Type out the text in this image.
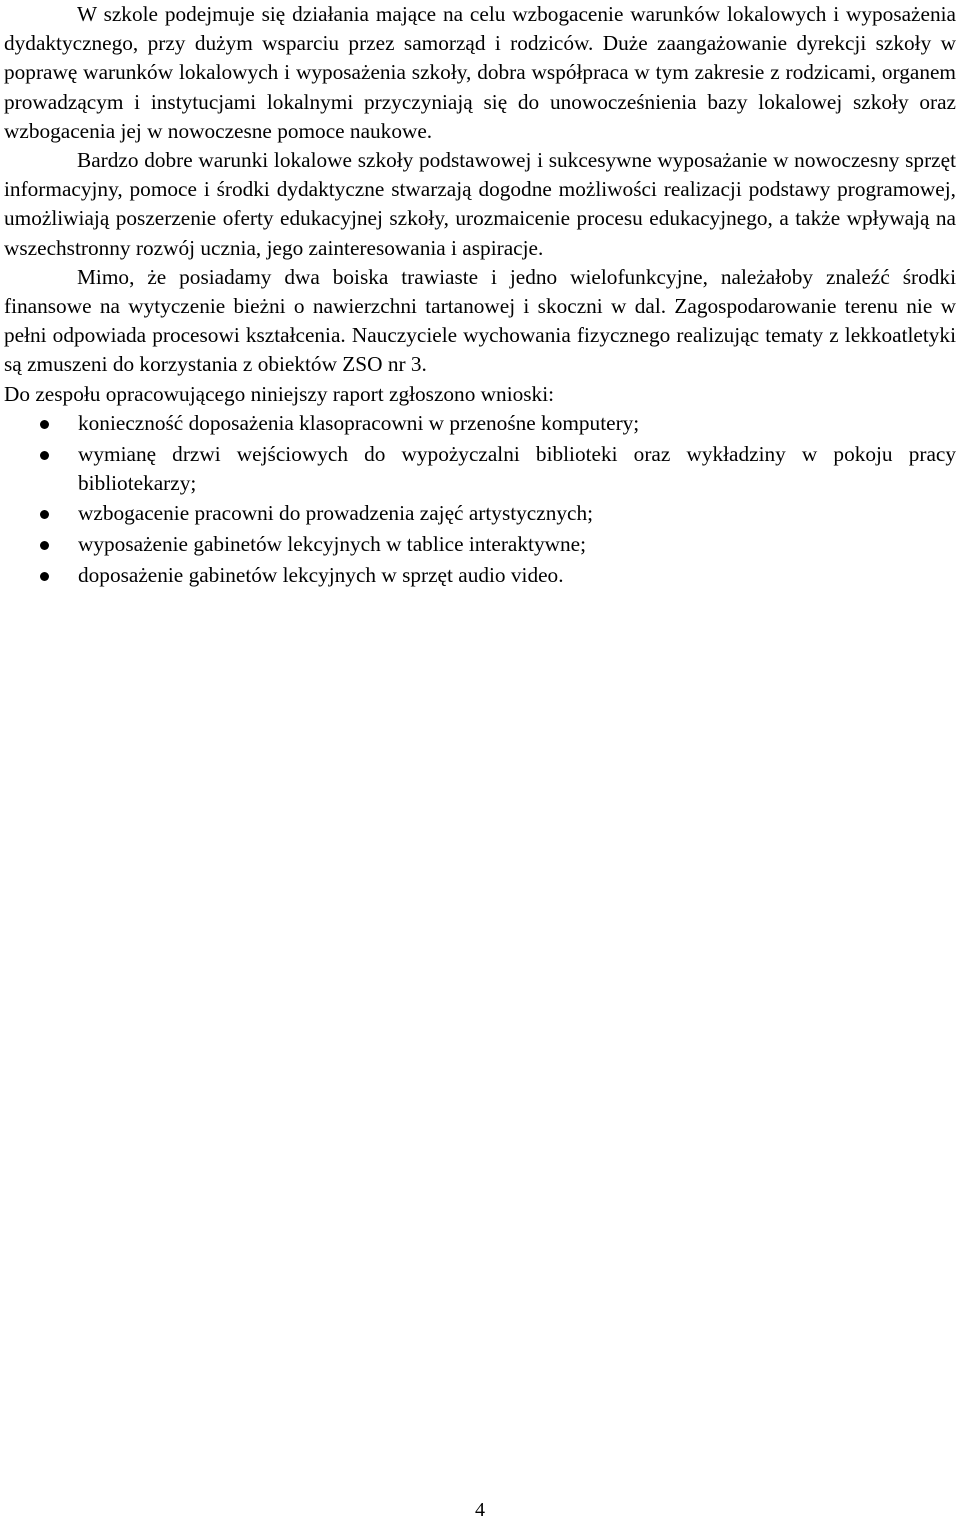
W szkole podejmuje się działania mające na celu wzbogacenie warunków lokalowych i wyposażenia dydaktycznego, przy dużym wsparciu przez samorząd i rodziców. Duże zaangażowanie dyrekcji szkoły w poprawę warunków lokalowych i wyposażenia szkoły, dobra współpraca w tym zakresie z rodzicami, organem prowadzącym i instytucjami lokalnymi przyczyniają się do unowocześnienia bazy lokalowej szkoły oraz wzbogacenia jej w nowoczesne pomoce naukowe.

Bardzo dobre warunki lokalowe szkoły podstawowej i sukcesywne wyposażanie w nowoczesny sprzęt informacyjny, pomoce i środki dydaktyczne stwarzają dogodne możliwości realizacji podstawy programowej, umożliwiają poszerzenie oferty edukacyjnej szkoły, urozmaicenie procesu edukacyjnego, a także wpływają na wszechstronny rozwój ucznia, jego zainteresowania i aspiracje.

Mimo, że posiadamy dwa boiska trawiaste i jedno wielofunkcyjne, należałoby znaleźć środki finansowe na wytyczenie bieżni o nawierzchni tartanowej i skoczni w dal. Zagospodarowanie terenu nie w pełni odpowiada procesowi kształcenia. Nauczyciele wychowania fizycznego realizując tematy z lekkoatletyki są zmuszeni do korzystania z obiektów ZSO nr 3.

Do zespołu opracowującego niniejszy raport zgłoszono wnioski:

konieczność doposażenia klasopracowni w przenośne komputery;
wymianę drzwi wejściowych do wypożyczalni biblioteki oraz wykładziny w pokoju pracy bibliotekarzy;
wzbogacenie pracowni do prowadzenia zajęć artystycznych;
wyposażenie gabinetów lekcyjnych w tablice interaktywne;
doposażenie gabinetów lekcyjnych w sprzęt audio video.
4
